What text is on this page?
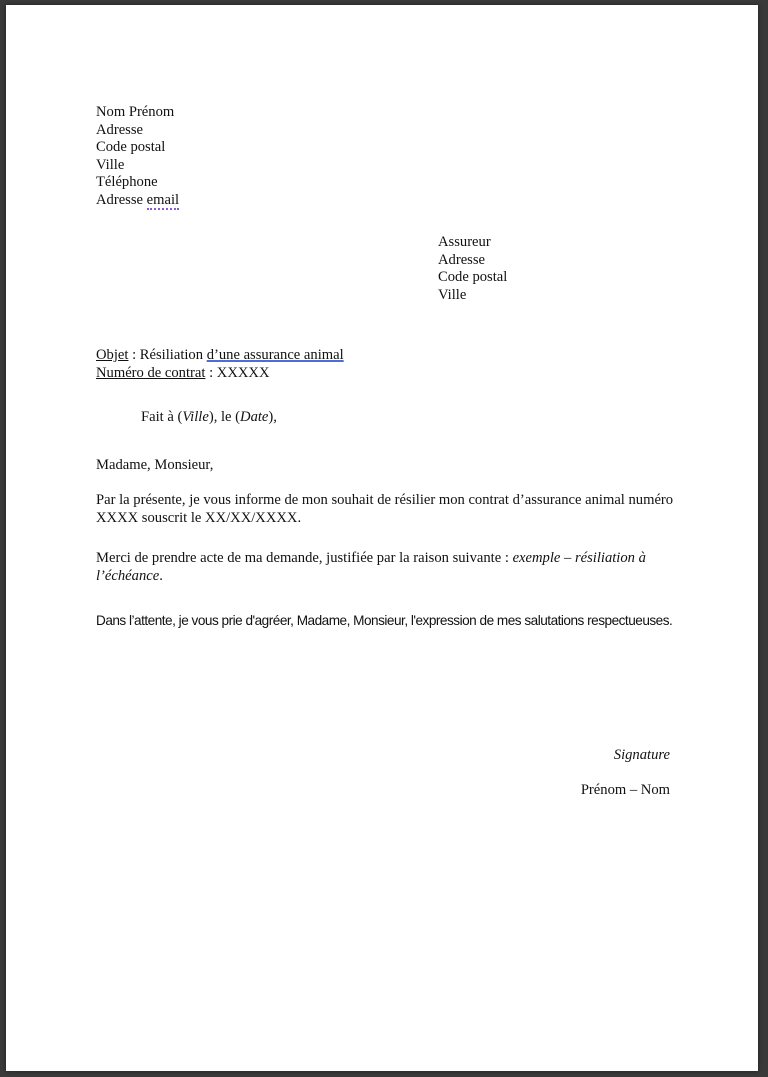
Nom Prénom
Adresse
Code postal
Ville
Téléphone
Adresse email
Assureur
Adresse
Code postal
Ville
Objet : Résiliation d’une assurance animal
Numéro de contrat : XXXXX
Fait à (Ville), le (Date),
Madame, Monsieur,
Par la présente, je vous informe de mon souhait de résilier mon contrat d’assurance animal numéro XXXX souscrit le XX/XX/XXXX.
Merci de prendre acte de ma demande, justifiée par la raison suivante : exemple – résiliation à l’échéance.
Dans l’attente, je vous prie d'agréer, Madame, Monsieur, l'expression de mes salutations respectueuses.
Signature
Prénom – Nom
